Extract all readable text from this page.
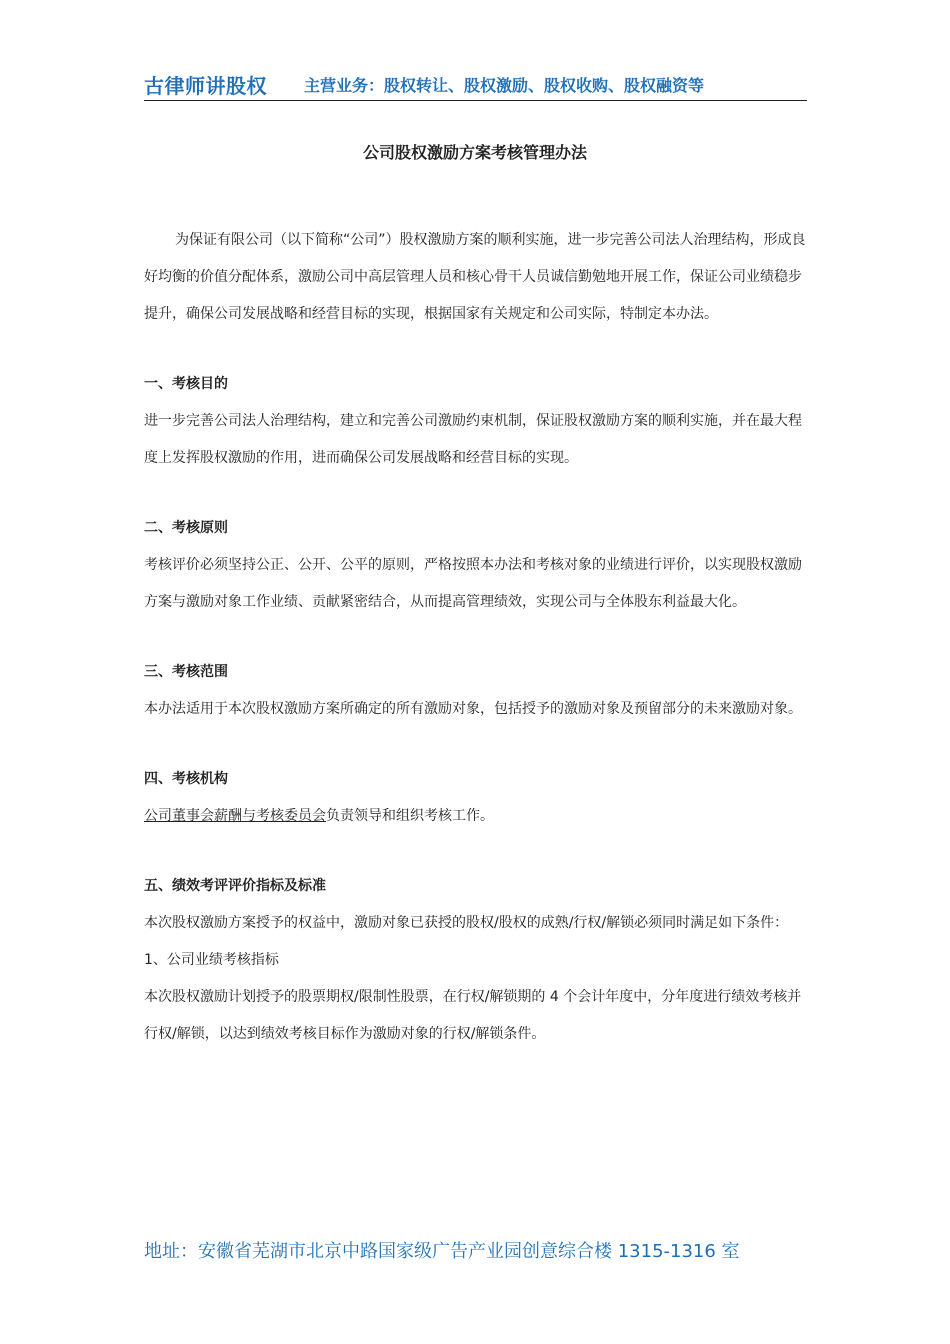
古律师讲股权 主营业务：股权转让、股权激励、股权收购、股权融资等
公司股权激励方案考核管理办法

为保证有限公司（以下简称“公司”）股权激励方案的顺利实施，进一步完善公司法人治理结构，形成良好均衡的价值分配体系，激励公司中高层管理人员和核心骨干人员诚信勤勉地开展工作，保证公司业绩稳步提升，确保公司发展战略和经营目标的实现，根据国家有关规定和公司实际，特制定本办法。

一、考核目的

进一步完善公司法人治理结构，建立和完善公司激励约束机制，保证股权激励方案的顺利实施，并在最大程度上发挥股权激励的作用，进而确保公司发展战略和经营目标的实现。

二、考核原则

考核评价必须坚持公正、公开、公平的原则，严格按照本办法和考核对象的业绩进行评价，以实现股权激励方案与激励对象工作业绩、贡献紧密结合，从而提高管理绩效，实现公司与全体股东利益最大化。

三、考核范围

本办法适用于本次股权激励方案所确定的所有激励对象，包括授予的激励对象及预留部分的未来激励对象。

四、考核机构

公司董事会薪酬与考核委员会负责领导和组织考核工作。

五、绩效考评评价指标及标准

本次股权激励方案授予的权益中，激励对象已获授的股权/股权的成熟/行权/解锁必须同时满足如下条件：

1、公司业绩考核指标

本次股权激励计划授予的股票期权/限制性股票，在行权/解锁期的 4 个会计年度中，分年度进行绩效考核并行权/解锁，以达到绩效考核目标作为激励对象的行权/解锁条件。

地址：安徽省芜湖市北京中路国家级广告产业园创意综合楼 1315-1316 室
